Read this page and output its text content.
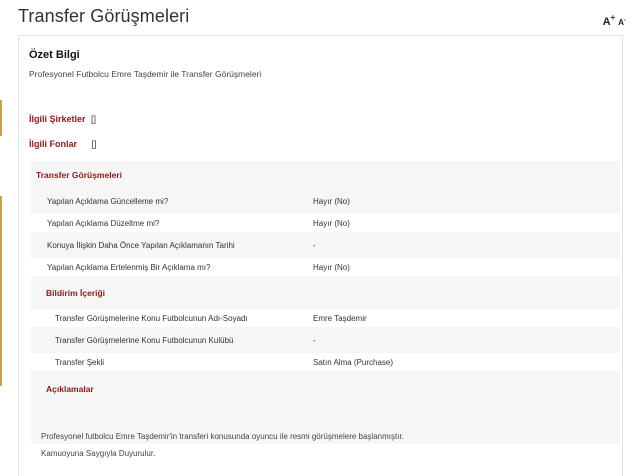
Transfer Görüşmeleri	A+A-
Özet Bilgi
Profesyonel Futbolcu Emre Taşdemir ile Transfer Görüşmeleri
İlgili Şirketler []
İlgili Fonlar []
Transfer Görüşmeleri
Yapılan Açıklama Güncelleme mi?	Hayır (No)
Yapılan Açıklama Düzeltme mi?	Hayır (No)
Konuya İlişkin Daha Önce Yapılan Açıklamanın Tarihi	-
Yapılan Açıklama Ertelenmiş Bir Açıklama mı?	Hayır (No)
Bildirim İçeriği
Transfer Görüşmelerine Konu Futbolcunun Adı-Soyadı	Emre Taşdemir
Transfer Görüşmelerine Konu Futbolcunun Kulübü	-
Transfer Şekli	Satın Alma (Purchase)
Açıklamalar
Profesyonel futbolcu Emre Taşdemir'in transferi konusunda oyuncu ile resmi görüşmelere başlanmıştır.
Kamuoyuna Saygıyla Duyurulur.
